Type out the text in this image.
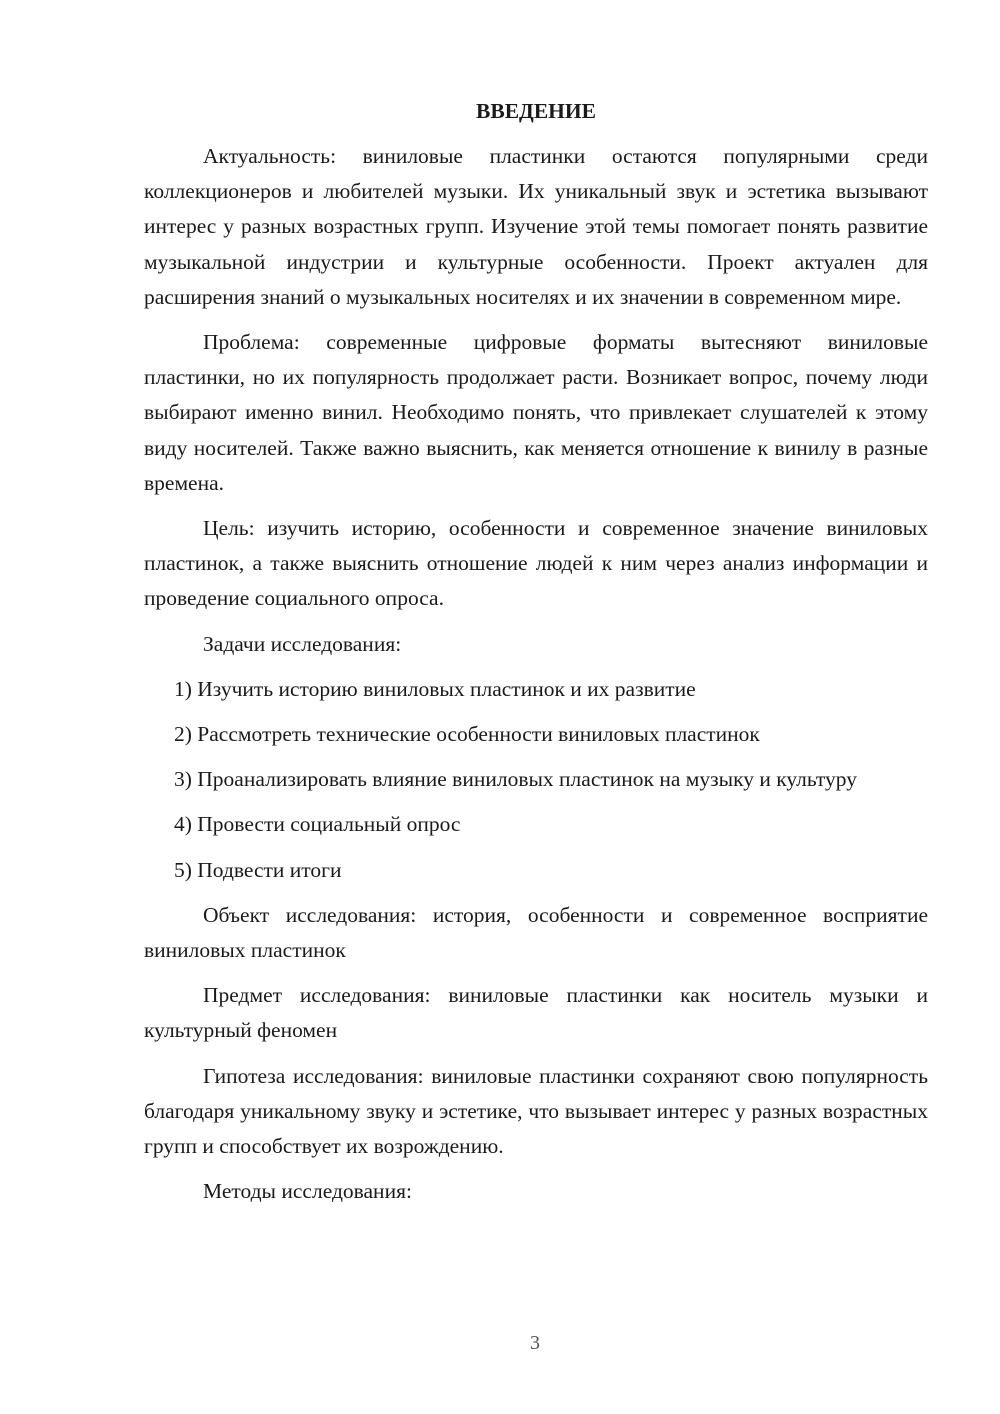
ВВЕДЕНИЕ

Актуальность: виниловые пластинки остаются популярными среди коллекционеров и любителей музыки. Их уникальный звук и эстетика вызывают интерес у разных возрастных групп. Изучение этой темы помогает понять развитие музыкальной индустрии и культурные особенности. Проект актуален для расширения знаний о музыкальных носителях и их значении в современном мире.

Проблема: современные цифровые форматы вытесняют виниловые пластинки, но их популярность продолжает расти. Возникает вопрос, почему люди выбирают именно винил. Необходимо понять, что привлекает слушателей к этому виду носителей. Также важно выяснить, как меняется отношение к винилу в разные времена.

Цель: изучить историю, особенности и современное значение виниловых пластинок, а также выяснить отношение людей к ним через анализ информации и проведение социального опроса.

Задачи исследования:

1) Изучить историю виниловых пластинок и их развитие

2) Рассмотреть технические особенности виниловых пластинок

3) Проанализировать влияние виниловых пластинок на музыку и культуру

4) Провести социальный опрос

5) Подвести итоги

Объект исследования: история, особенности и современное восприятие виниловых пластинок

Предмет исследования: виниловые пластинки как носитель музыки и культурный феномен

Гипотеза исследования: виниловые пластинки сохраняют свою популярность благодаря уникальному звуку и эстетике, что вызывает интерес у разных возрастных групп и способствует их возрождению.

Методы исследования:

3
